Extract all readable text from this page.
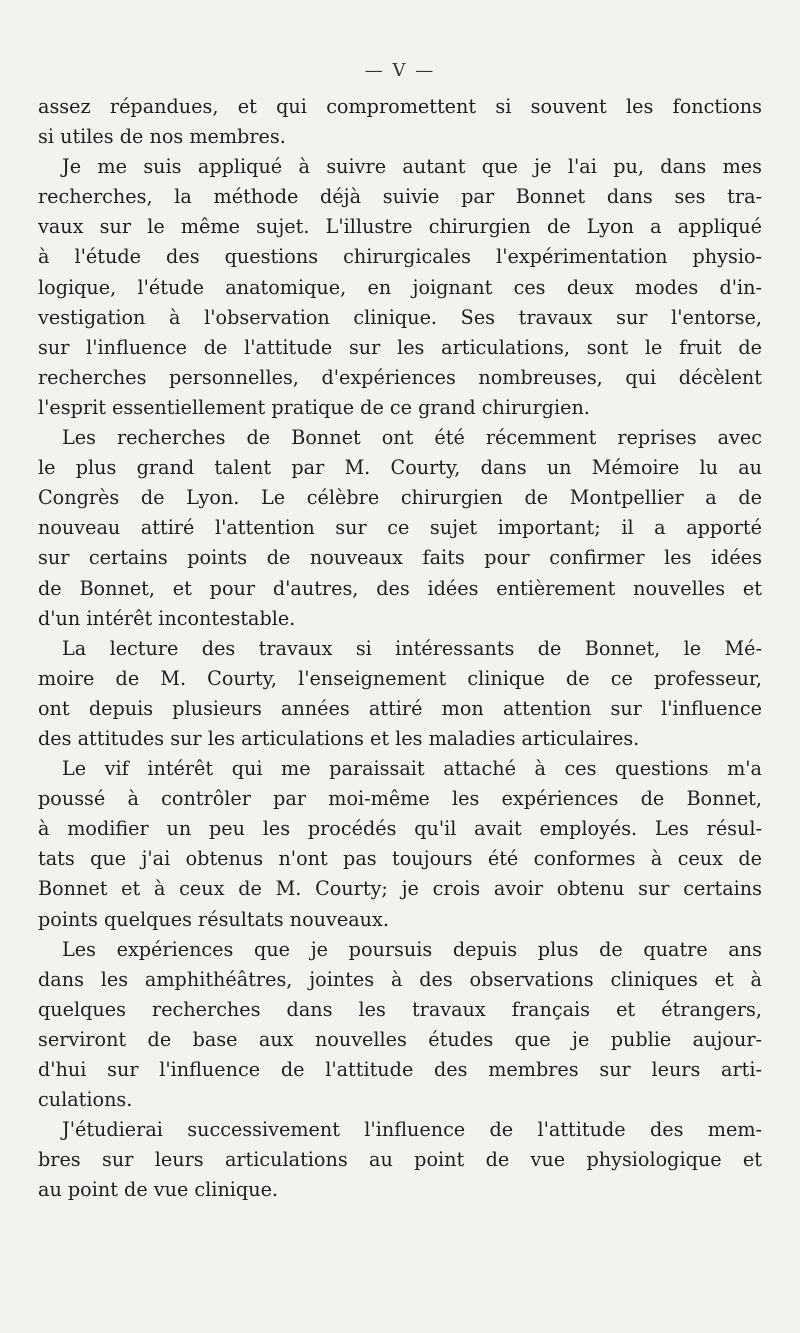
— V —

assez répandues, et qui compromettent si souvent les fonctions
si utiles de nos membres.

Je me suis appliqué à suivre autant que je l'ai pu, dans mes
recherches, la méthode déjà suivie par Bonnet dans ses tra-
vaux sur le même sujet. L'illustre chirurgien de Lyon a appliqué
à l'étude des questions chirurgicales l'expérimentation physio-
logique, l'étude anatomique, en joignant ces deux modes d'in-
vestigation à l'observation clinique. Ses travaux sur l'entorse,
sur l'influence de l'attitude sur les articulations, sont le fruit de
recherches personnelles, d'expériences nombreuses, qui décèlent
l'esprit essentiellement pratique de ce grand chirurgien.

Les recherches de Bonnet ont été récemment reprises avec
le plus grand talent par M. Courty, dans un Mémoire lu au
Congrès de Lyon. Le célèbre chirurgien de Montpellier a de
nouveau attiré l'attention sur ce sujet important; il a apporté
sur certains points de nouveaux faits pour confirmer les idées
de Bonnet, et pour d'autres, des idées entièrement nouvelles et
d'un intérêt incontestable.

La lecture des travaux si intéressants de Bonnet, le Mé-
moire de M. Courty, l'enseignement clinique de ce professeur,
ont depuis plusieurs années attiré mon attention sur l'influence
des attitudes sur les articulations et les maladies articulaires.

Le vif intérêt qui me paraissait attaché à ces questions m'a
poussé à contrôler par moi-même les expériences de Bonnet,
à modifier un peu les procédés qu'il avait employés. Les résul-
tats que j'ai obtenus n'ont pas toujours été conformes à ceux de
Bonnet et à ceux de M. Courty; je crois avoir obtenu sur certains
points quelques résultats nouveaux.

Les expériences que je poursuis depuis plus de quatre ans
dans les amphithéâtres, jointes à des observations cliniques et à
quelques recherches dans les travaux français et étrangers,
serviront de base aux nouvelles études que je publie aujour-
d'hui sur l'influence de l'attitude des membres sur leurs arti-
culations.

J'étudierai successivement l'influence de l'attitude des mem-
bres sur leurs articulations au point de vue physiologique et
au point de vue clinique.
